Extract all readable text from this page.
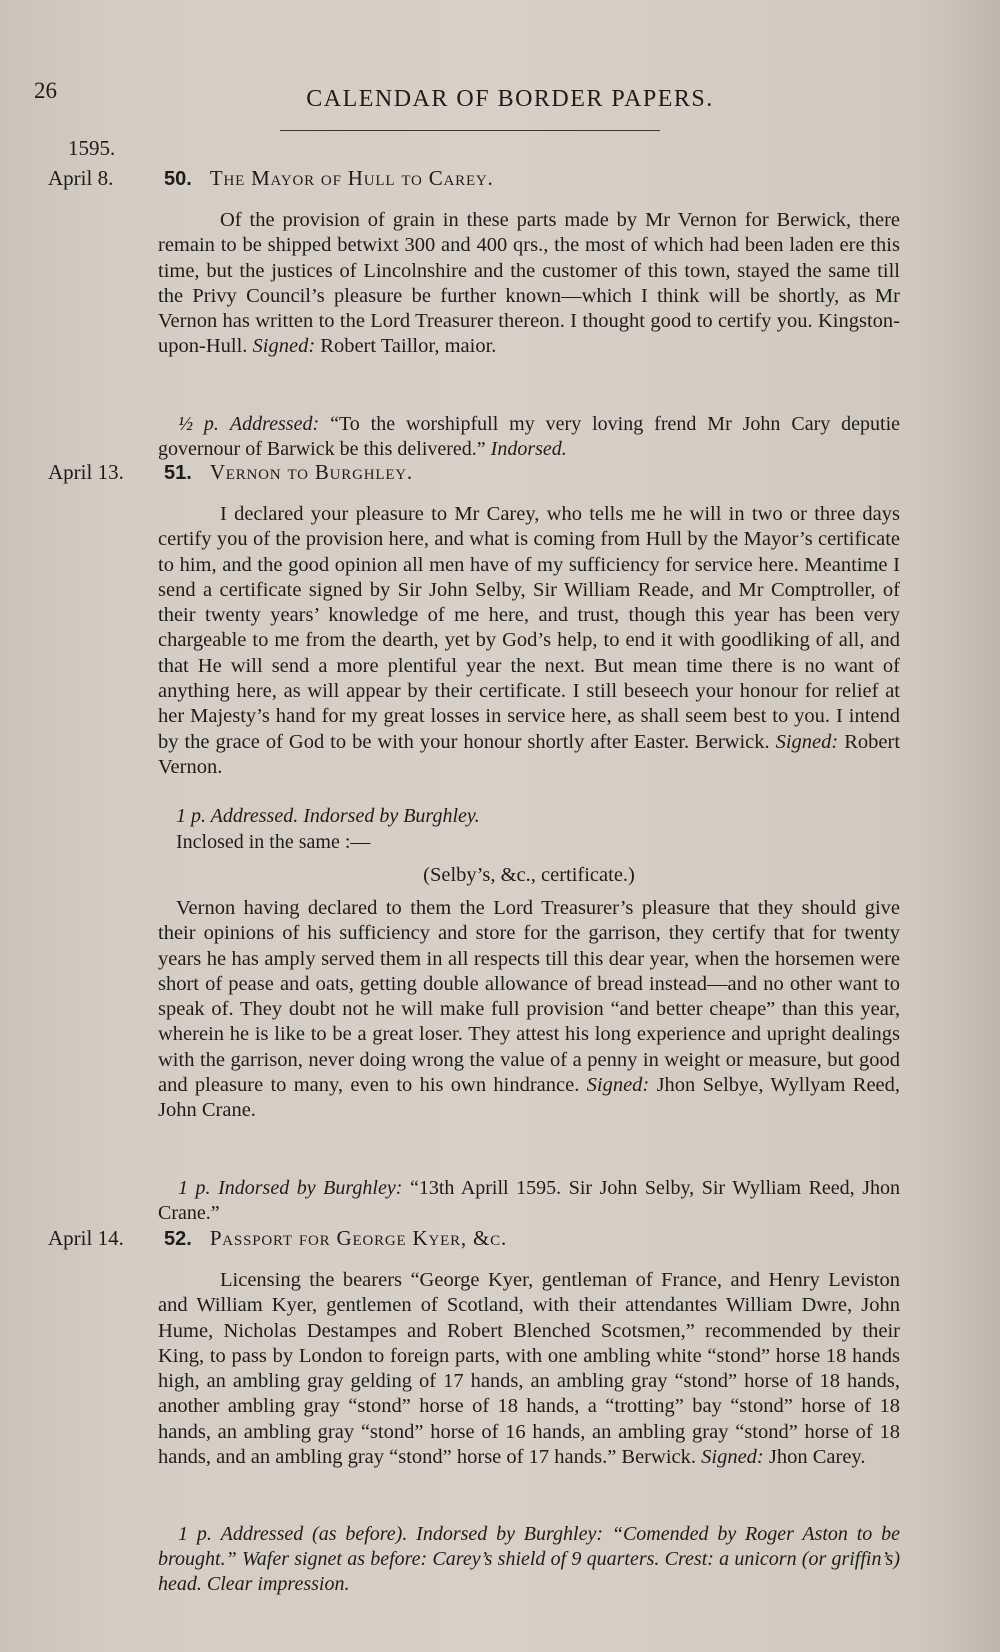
26	CALENDAR OF BORDER PAPERS.
1595.
April 8.	50. The Mayor of Hull to Carey.
Of the provision of grain in these parts made by Mr Vernon for Berwick, there remain to be shipped betwixt 300 and 400 qrs., the most of which had been laden ere this time, but the justices of Lincolnshire and the customer of this town, stayed the same till the Privy Council’s pleasure be further known—which I think will be shortly, as Mr Vernon has written to the Lord Treasurer thereon. I thought good to certify you. Kingston-upon-Hull. Signed: Robert Taillor, maior.
½ p. Addressed: “To the worshipfull my very loving frend Mr John Cary deputie governour of Barwick be this delivered.” Indorsed.
April 13. 51. Vernon to Burghley.
I declared your pleasure to Mr Carey, who tells me he will in two or three days certify you of the provision here, and what is coming from Hull by the Mayor’s certificate to him, and the good opinion all men have of my sufficiency for service here. Meantime I send a certificate signed by Sir John Selby, Sir William Reade, and Mr Comptroller, of their twenty years’ knowledge of me here, and trust, though this year has been very chargeable to me from the dearth, yet by God’s help, to end it with goodliking of all, and that He will send a more plentiful year the next. But mean time there is no want of anything here, as will appear by their certificate. I still beseech your honour for relief at her Majesty’s hand for my great losses in service here, as shall seem best to you. I intend by the grace of God to be with your honour shortly after Easter. Berwick. Signed: Robert Vernon.
1 p. Addressed. Indorsed by Burghley.
Inclosed in the same :—
(Selby’s, &c., certificate.)
Vernon having declared to them the Lord Treasurer’s pleasure that they should give their opinions of his sufficiency and store for the garrison, they certify that for twenty years he has amply served them in all respects till this dear year, when the horsemen were short of pease and oats, getting double allowance of bread instead—and no other want to speak of. They doubt not he will make full provision “and better cheape” than this year, wherein he is like to be a great loser. They attest his long experience and upright dealings with the garrison, never doing wrong the value of a penny in weight or measure, but good and pleasure to many, even to his own hindrance. Signed: Jhon Selbye, Wyllyam Reed, John Crane.
1 p. Indorsed by Burghley: “13th Aprill 1595. Sir John Selby, Sir Wylliam Reed, Jhon Crane.”
April 14. 52. Passport for George Kyer, &c.
Licensing the bearers “George Kyer, gentleman of France, and Henry Leviston and William Kyer, gentlemen of Scotland, with their attendantes William Dwre, John Hume, Nicholas Destampes and Robert Blenched Scotsmen,” recommended by their King, to pass by London to foreign parts, with one ambling white “stond” horse 18 hands high, an ambling gray gelding of 17 hands, an ambling gray “stond” horse of 18 hands, another ambling gray “stond” horse of 18 hands, a “trotting” bay “stond” horse of 18 hands, an ambling gray “stond” horse of 16 hands, an ambling gray “stond” horse of 18 hands, and an ambling gray “stond” horse of 17 hands.” Berwick. Signed: Jhon Carey.
1 p. Addressed (as before). Indorsed by Burghley: “Comended by Roger Aston to be brought.” Wafer signet as before: Carey’s shield of 9 quarters. Crest: a unicorn (or griffin’s) head. Clear impression.
